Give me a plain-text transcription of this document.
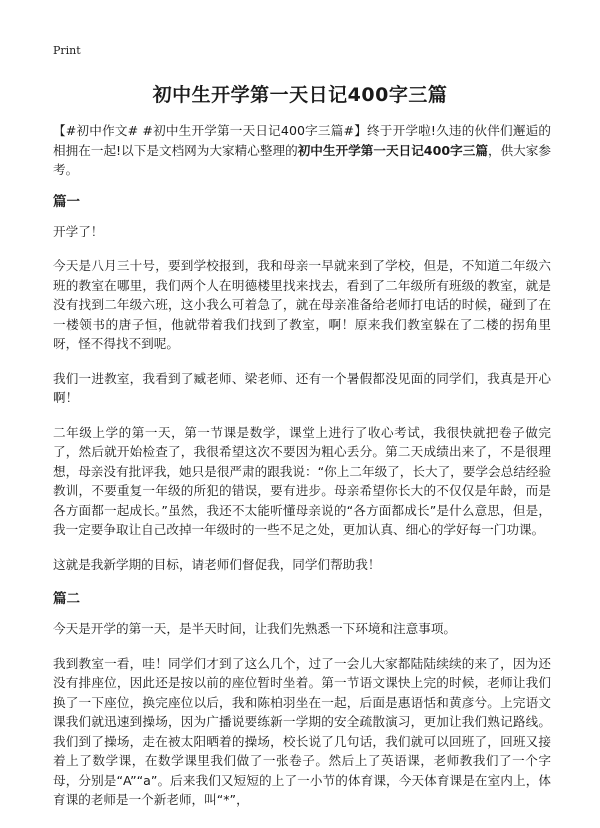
Print
初中生开学第一天日记400字三篇

【#初中作文# #初中生开学第一天日记400字三篇#】终于开学啦!久违的伙伴们邂逅的相拥在一起!以下是文档网为大家精心整理的初中生开学第一天日记400字三篇，供大家参考。

篇一

开学了！

今天是八月三十号，要到学校报到，我和母亲一早就来到了学校，但是，不知道二年级六班的教室在哪里，我们两个人在明德楼里找来找去，看到了二年级所有班级的教室，就是没有找到二年级六班，这小我么可着急了，就在母亲准备给老师打电话的时候，碰到了在一楼领书的唐子恒，他就带着我们找到了教室，啊！原来我们教室躲在了二楼的拐角里呀，怪不得找不到呢。

我们一进教室，我看到了臧老师、梁老师、还有一个暑假都没见面的同学们，我真是开心啊！

二年级上学的第一天，第一节课是数学，课堂上进行了收心考试，我很快就把卷子做完了，然后就开始检查了，我很希望这次不要因为粗心丢分。第二天成绩出来了，不是很理想，母亲没有批评我，她只是很严肃的跟我说：“你上二年级了，长大了，要学会总结经验教训，不要重复一年级的所犯的错误，要有进步。母亲希望你长大的不仅仅是年龄，而是各方面都一起成长。”虽然，我还不太能听懂母亲说的“各方面都成长”是什么意思，但是，我一定要争取让自己改掉一年级时的一些不足之处，更加认真、细心的学好每一门功课。

这就是我新学期的目标，请老师们督促我，同学们帮助我！

篇二

今天是开学的第一天，是半天时间，让我们先熟悉一下环境和注意事项。

我到教室一看，哇！同学们才到了这么几个，过了一会儿大家都陆陆续续的来了，因为还没有排座位，因此还是按以前的座位暂时坐着。第一节语文课快上完的时候，老师让我们换了一下座位，换完座位以后，我和陈柏羽坐在一起，后面是惠语恬和黄彦兮。上完语文课我们就迅速到操场，因为广播说要练新一学期的安全疏散演习，更加让我们熟记路线。我们到了操场，走在被太阳晒着的操场，校长说了几句话，我们就可以回班了，回班又接着上了数学课，在数学课里我们做了一张卷子。然后上了英语课，老师教我们了一个字母，分别是“A”“a”。后来我们又短短的上了一小节的体育课，今天体育课是在室内上，体育课的老师是一个新老师，叫“*”，
